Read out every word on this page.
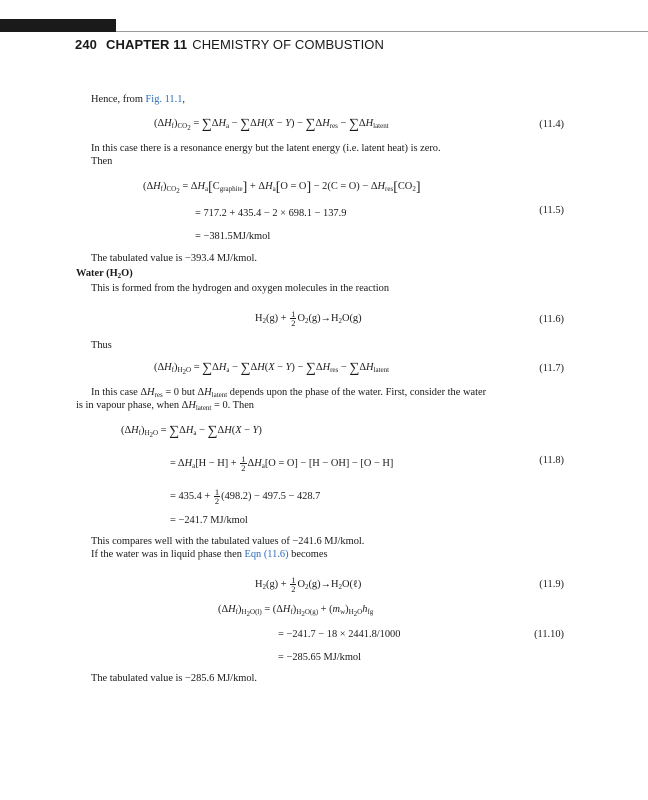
240 CHAPTER 11 CHEMISTRY OF COMBUSTION
Hence, from Fig. 11.1,
$(\Delta H_f)_{CO_2} = \sum\Delta H_a - \sum\Delta H(X - Y) - \sum\Delta H_{res} - \sum\Delta H_{latent}$	(11.4)
In this case there is a resonance energy but the latent energy (i.e. latent heat) is zero.
Then
$(\Delta H_f)_{CO_2} = \Delta H_a[C_{graphite}] + \Delta H_a[O = O] - 2(C = O) - \Delta H_{res}[CO_2]$
= 717.2 + 435.4 − 2 × 698.1 − 137.9	(11.5)
= −381.5MJ/kmol
The tabulated value is −393.4 MJ/kmol.
Water $(H_2O)$
This is formed from the hydrogen and oxygen molecules in the reaction
$H_2(g) + \frac{1}{2} O_2(g)\to H_2O(g)$	(11.6)
Thus
$(\Delta H_f)_{H_2O} = \sum\Delta H_a - \sum\Delta H(X - Y) - \sum\Delta H_{res} - \sum\Delta H_{latent}$	(11.7)
In this case $\Delta H_{res} = 0$ but $\Delta H_{latent}$ depends upon the phase of the water. First, consider the water
is in vapour phase, when $\Delta H_{latent} = 0$. Then
$(\Delta H_f)_{H_2O} = \sum\Delta H_a - \sum\Delta H(X - Y)$
= $\Delta H_a[H - H] + \frac{1}{2} \Delta H_a[O = O] - [H - OH] - [O - H]$	(11.8)
= $435.4 + \frac{1}{2} (498.2) - 497.5 - 428.7$
= −241.7 MJ/kmol
This compares well with the tabulated values of −241.6 MJ/kmol.
If the water was in liquid phase then Eqn (11.6) becomes
$H_2(g) + \frac{1}{2}$ $O_2(g)\to H_2O(\ell)$	(11.9)
$(\Delta H_f)_{H_2O(l)} = (\Delta H_f)_{H_2O(g)} + (m_w)_{H_2O}h_{fg}$
= −241.7 − 18 × 2441.8/1000	(11.10)
= −285.65 MJ/kmol
The tabulated value is −285.6 MJ/kmol.
